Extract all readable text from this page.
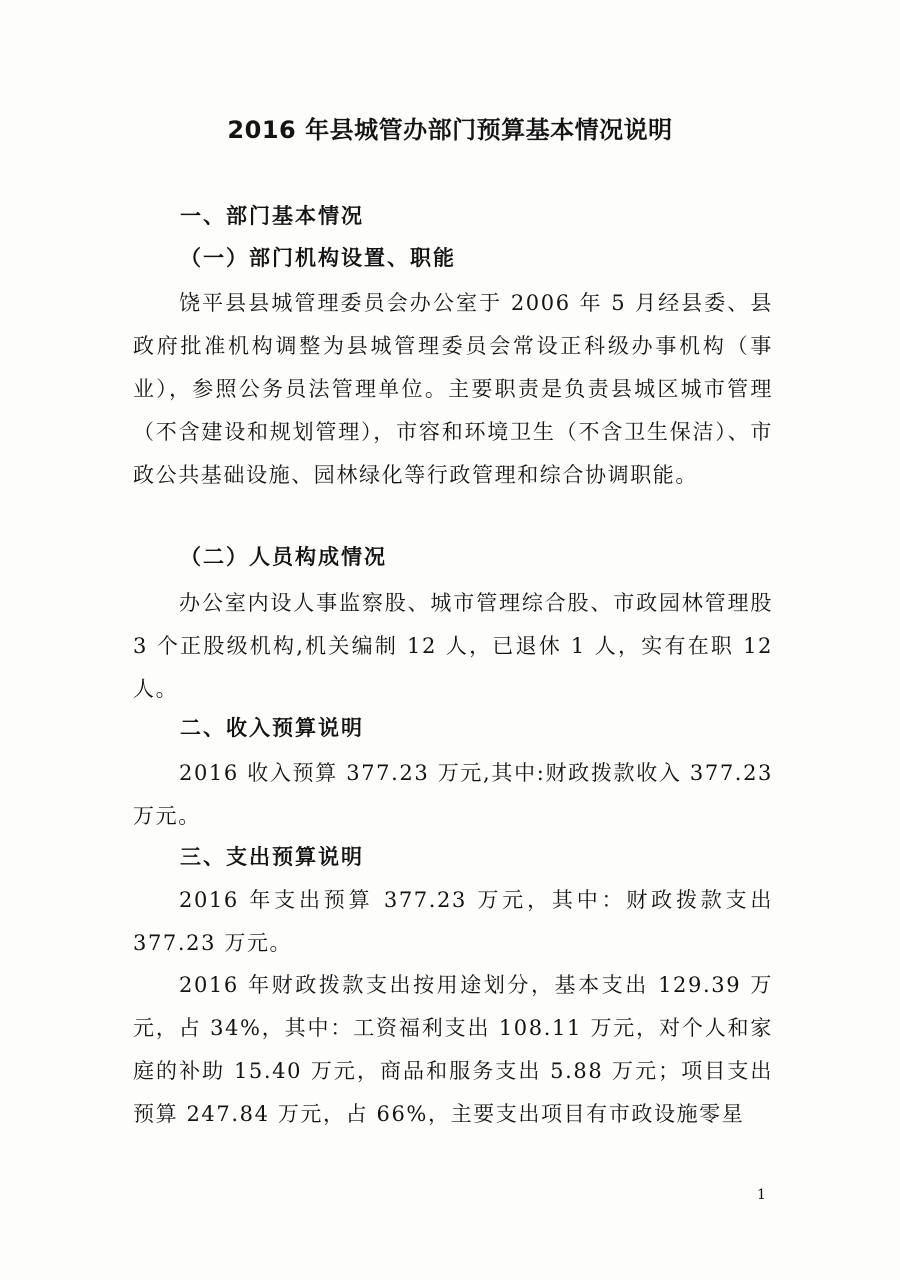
2016 年县城管办部门预算基本情况说明
一、部门基本情况
（一）部门机构设置、职能

饶平县县城管理委员会办公室于 2006 年 5 月经县委、县政府批准机构调整为县城管理委员会常设正科级办事机构（事业），参照公务员法管理单位。主要职责是负责县城区城市管理（不含建设和规划管理），市容和环境卫生（不含卫生保洁）、市政公共基础设施、园林绿化等行政管理和综合协调职能。

（二）人员构成情况

办公室内设人事监察股、城市管理综合股、市政园林管理股 3 个正股级机构,机关编制 12 人，已退休 1 人，实有在职 12 人。

二、收入预算说明

2016 收入预算 377.23 万元,其中:财政拨款收入 377.23 万元。

三、支出预算说明

2016 年支出预算 377.23 万元，其中：财政拨款支出 377.23 万元。

2016 年财政拨款支出按用途划分，基本支出 129.39 万元，占 34%，其中：工资福利支出 108.11 万元，对个人和家庭的补助 15.40 万元，商品和服务支出 5.88 万元；项目支出预算 247.84 万元，占 66%，主要支出项目有市政设施零星

1
